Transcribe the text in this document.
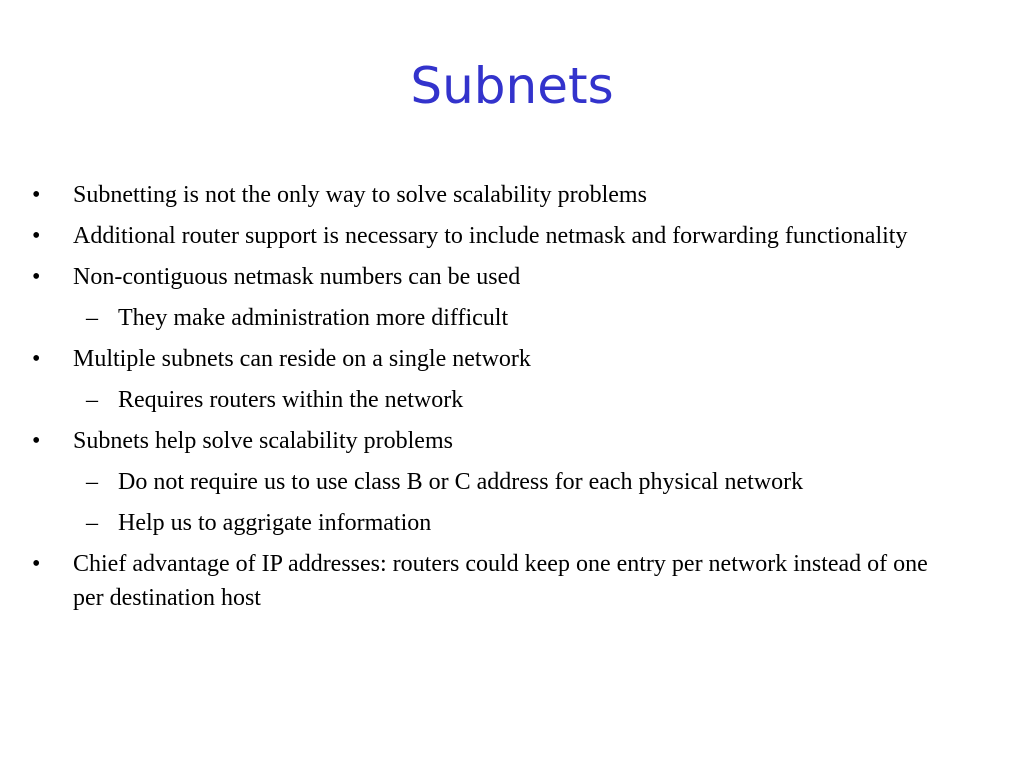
Subnets
• Subnetting is not the only way to solve scalability problems
• Additional router support is necessary to include netmask and forwarding functionality
• Non-contiguous netmask numbers can be used
– They make administration more difficult
• Multiple subnets can reside on a single network
– Requires routers within the network
• Subnets help solve scalability problems
– Do not require us to use class B or C address for each physical network
– Help us to aggrigate information
• Chief advantage of IP addresses: routers could keep one entry per network instead of one per destination host
